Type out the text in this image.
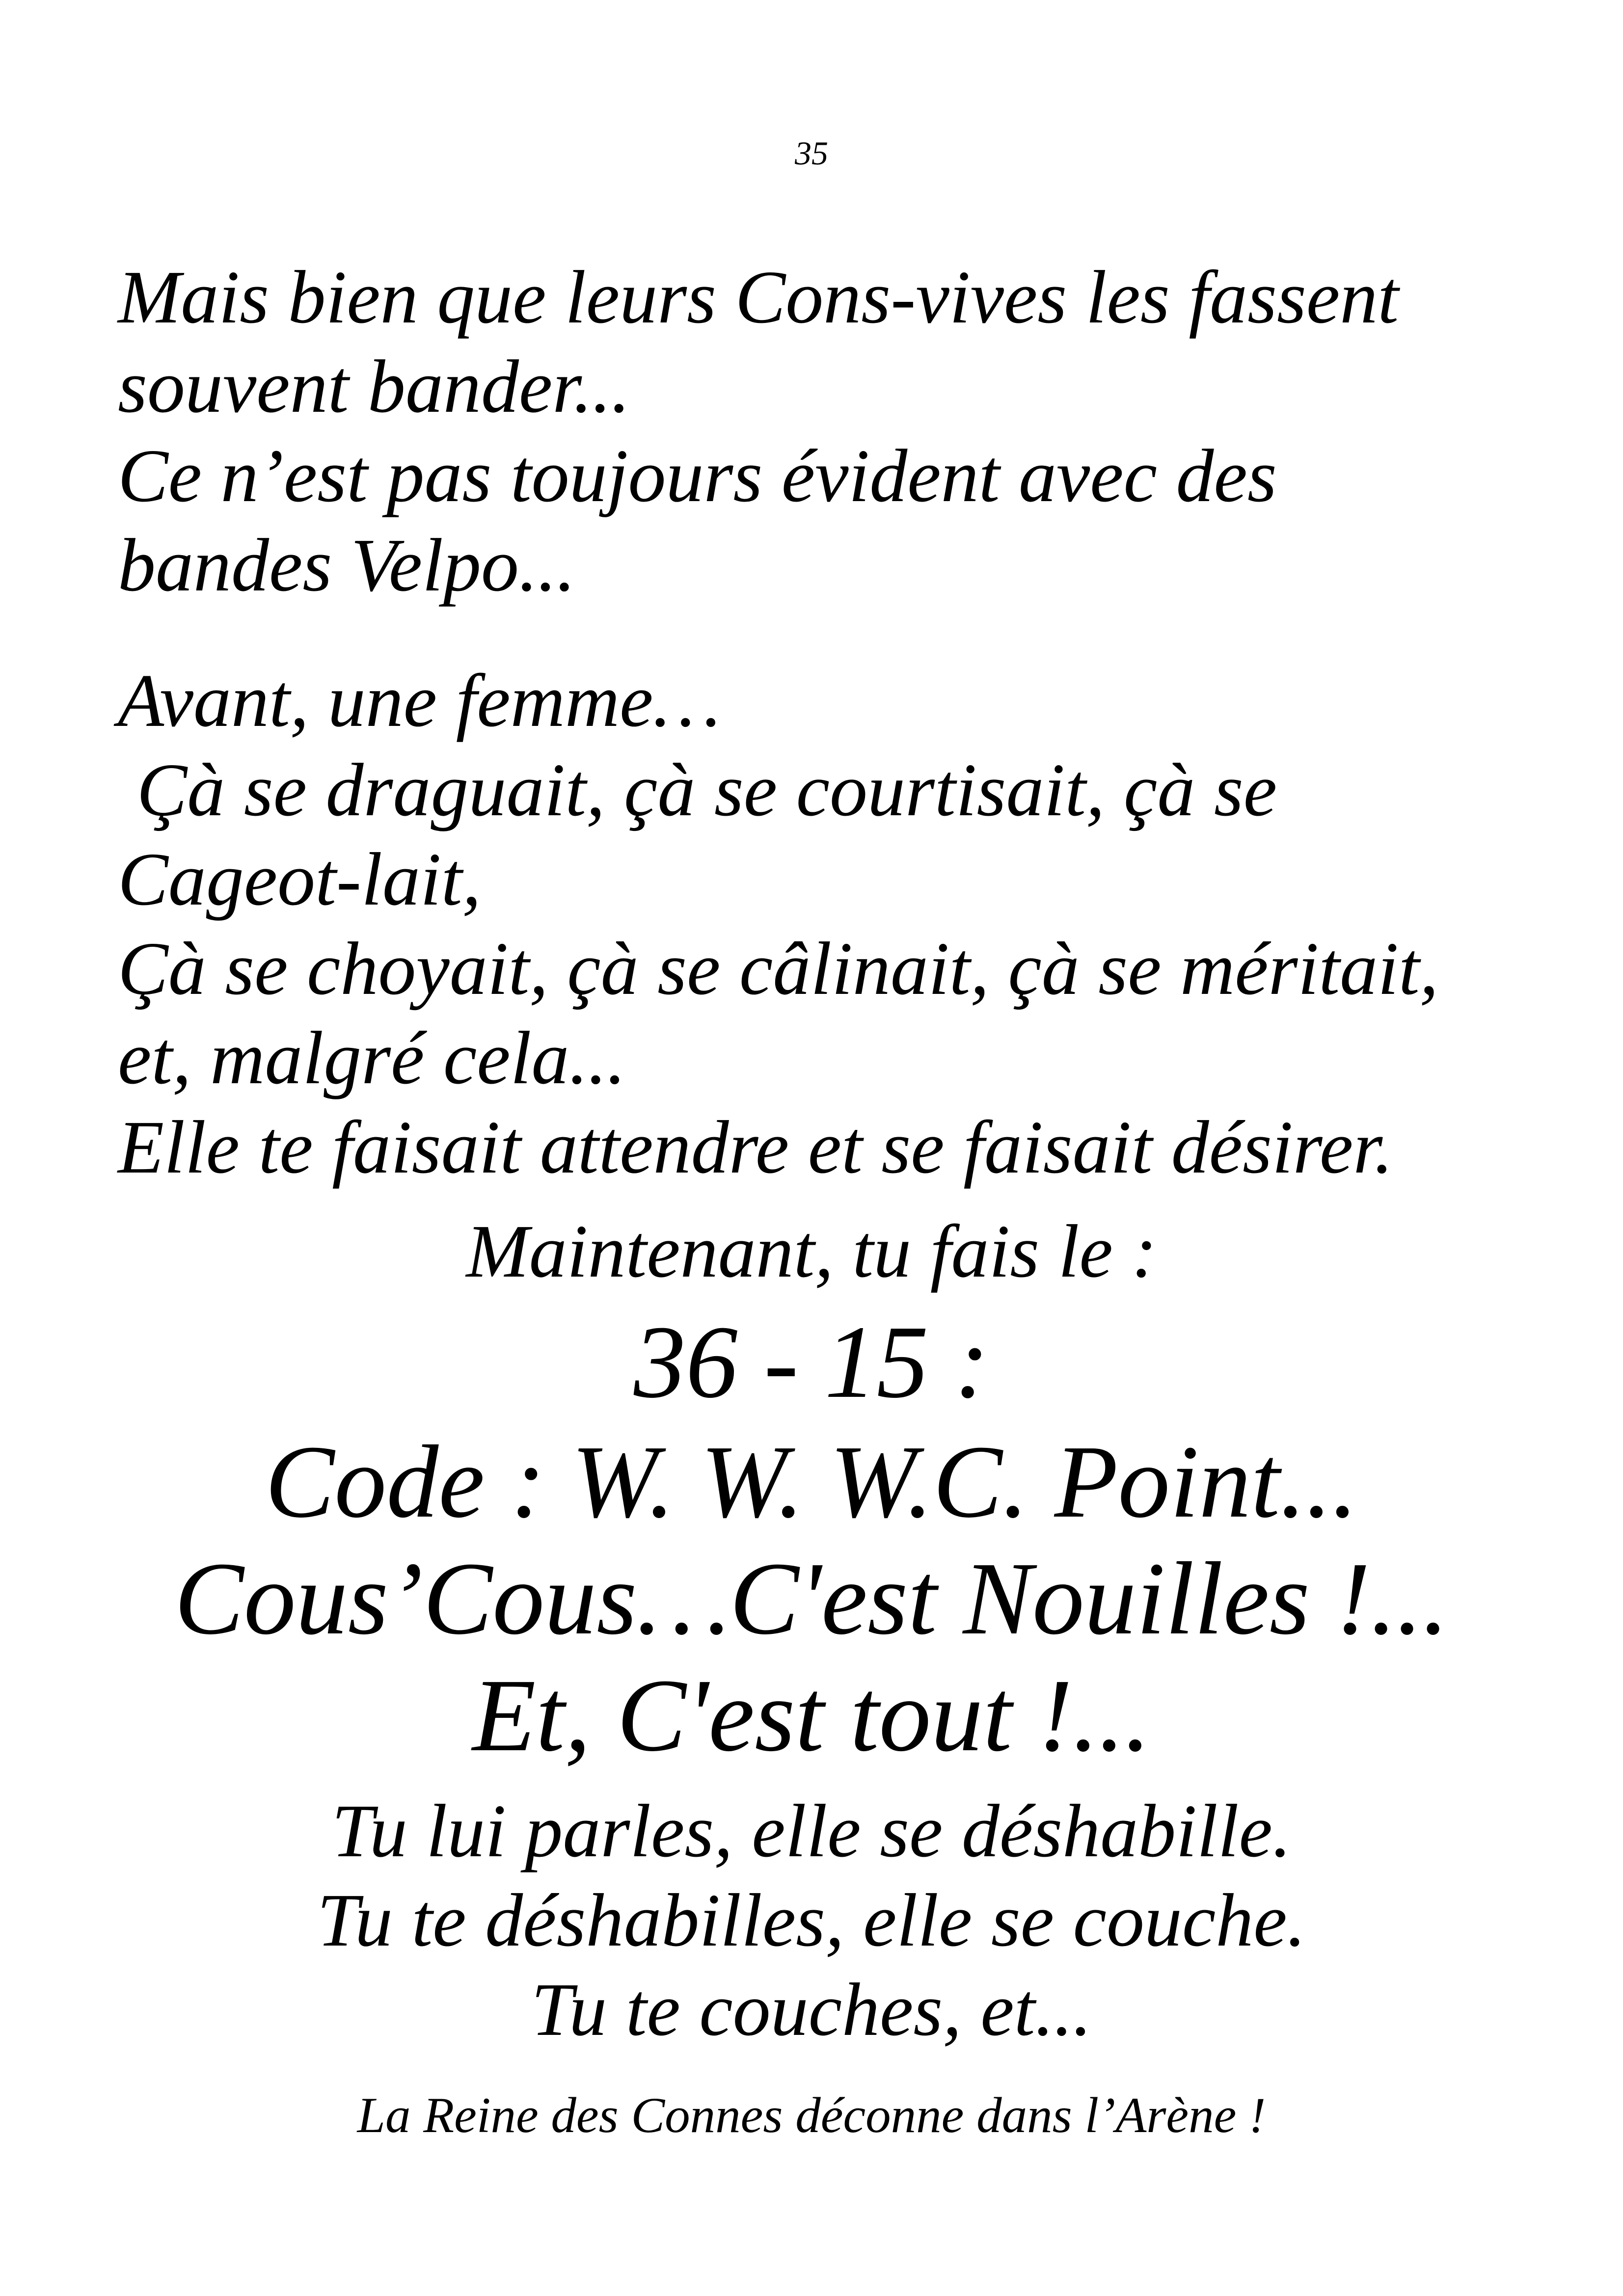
35
Mais bien que leurs Cons-vives les fassent
souvent bander...
Ce n’est pas toujours évident avec des
bandes Velpo...
Avant, une femme…
Çà se draguait, çà se courtisait, çà se
Cageot-lait,
Çà se choyait, çà se câlinait, çà se méritait,
et, malgré cela...
Elle te faisait attendre et se faisait désirer.
Maintenant, tu fais le :
36 - 15 :
Code : W. W. W.C. Point...
Cous’Cous…C'est Nouilles !...
Et, C'est tout !...
Tu lui parles, elle se déshabille.
Tu te déshabilles, elle se couche.
Tu te couches, et...
La Reine des Connes déconne dans l’Arène !
